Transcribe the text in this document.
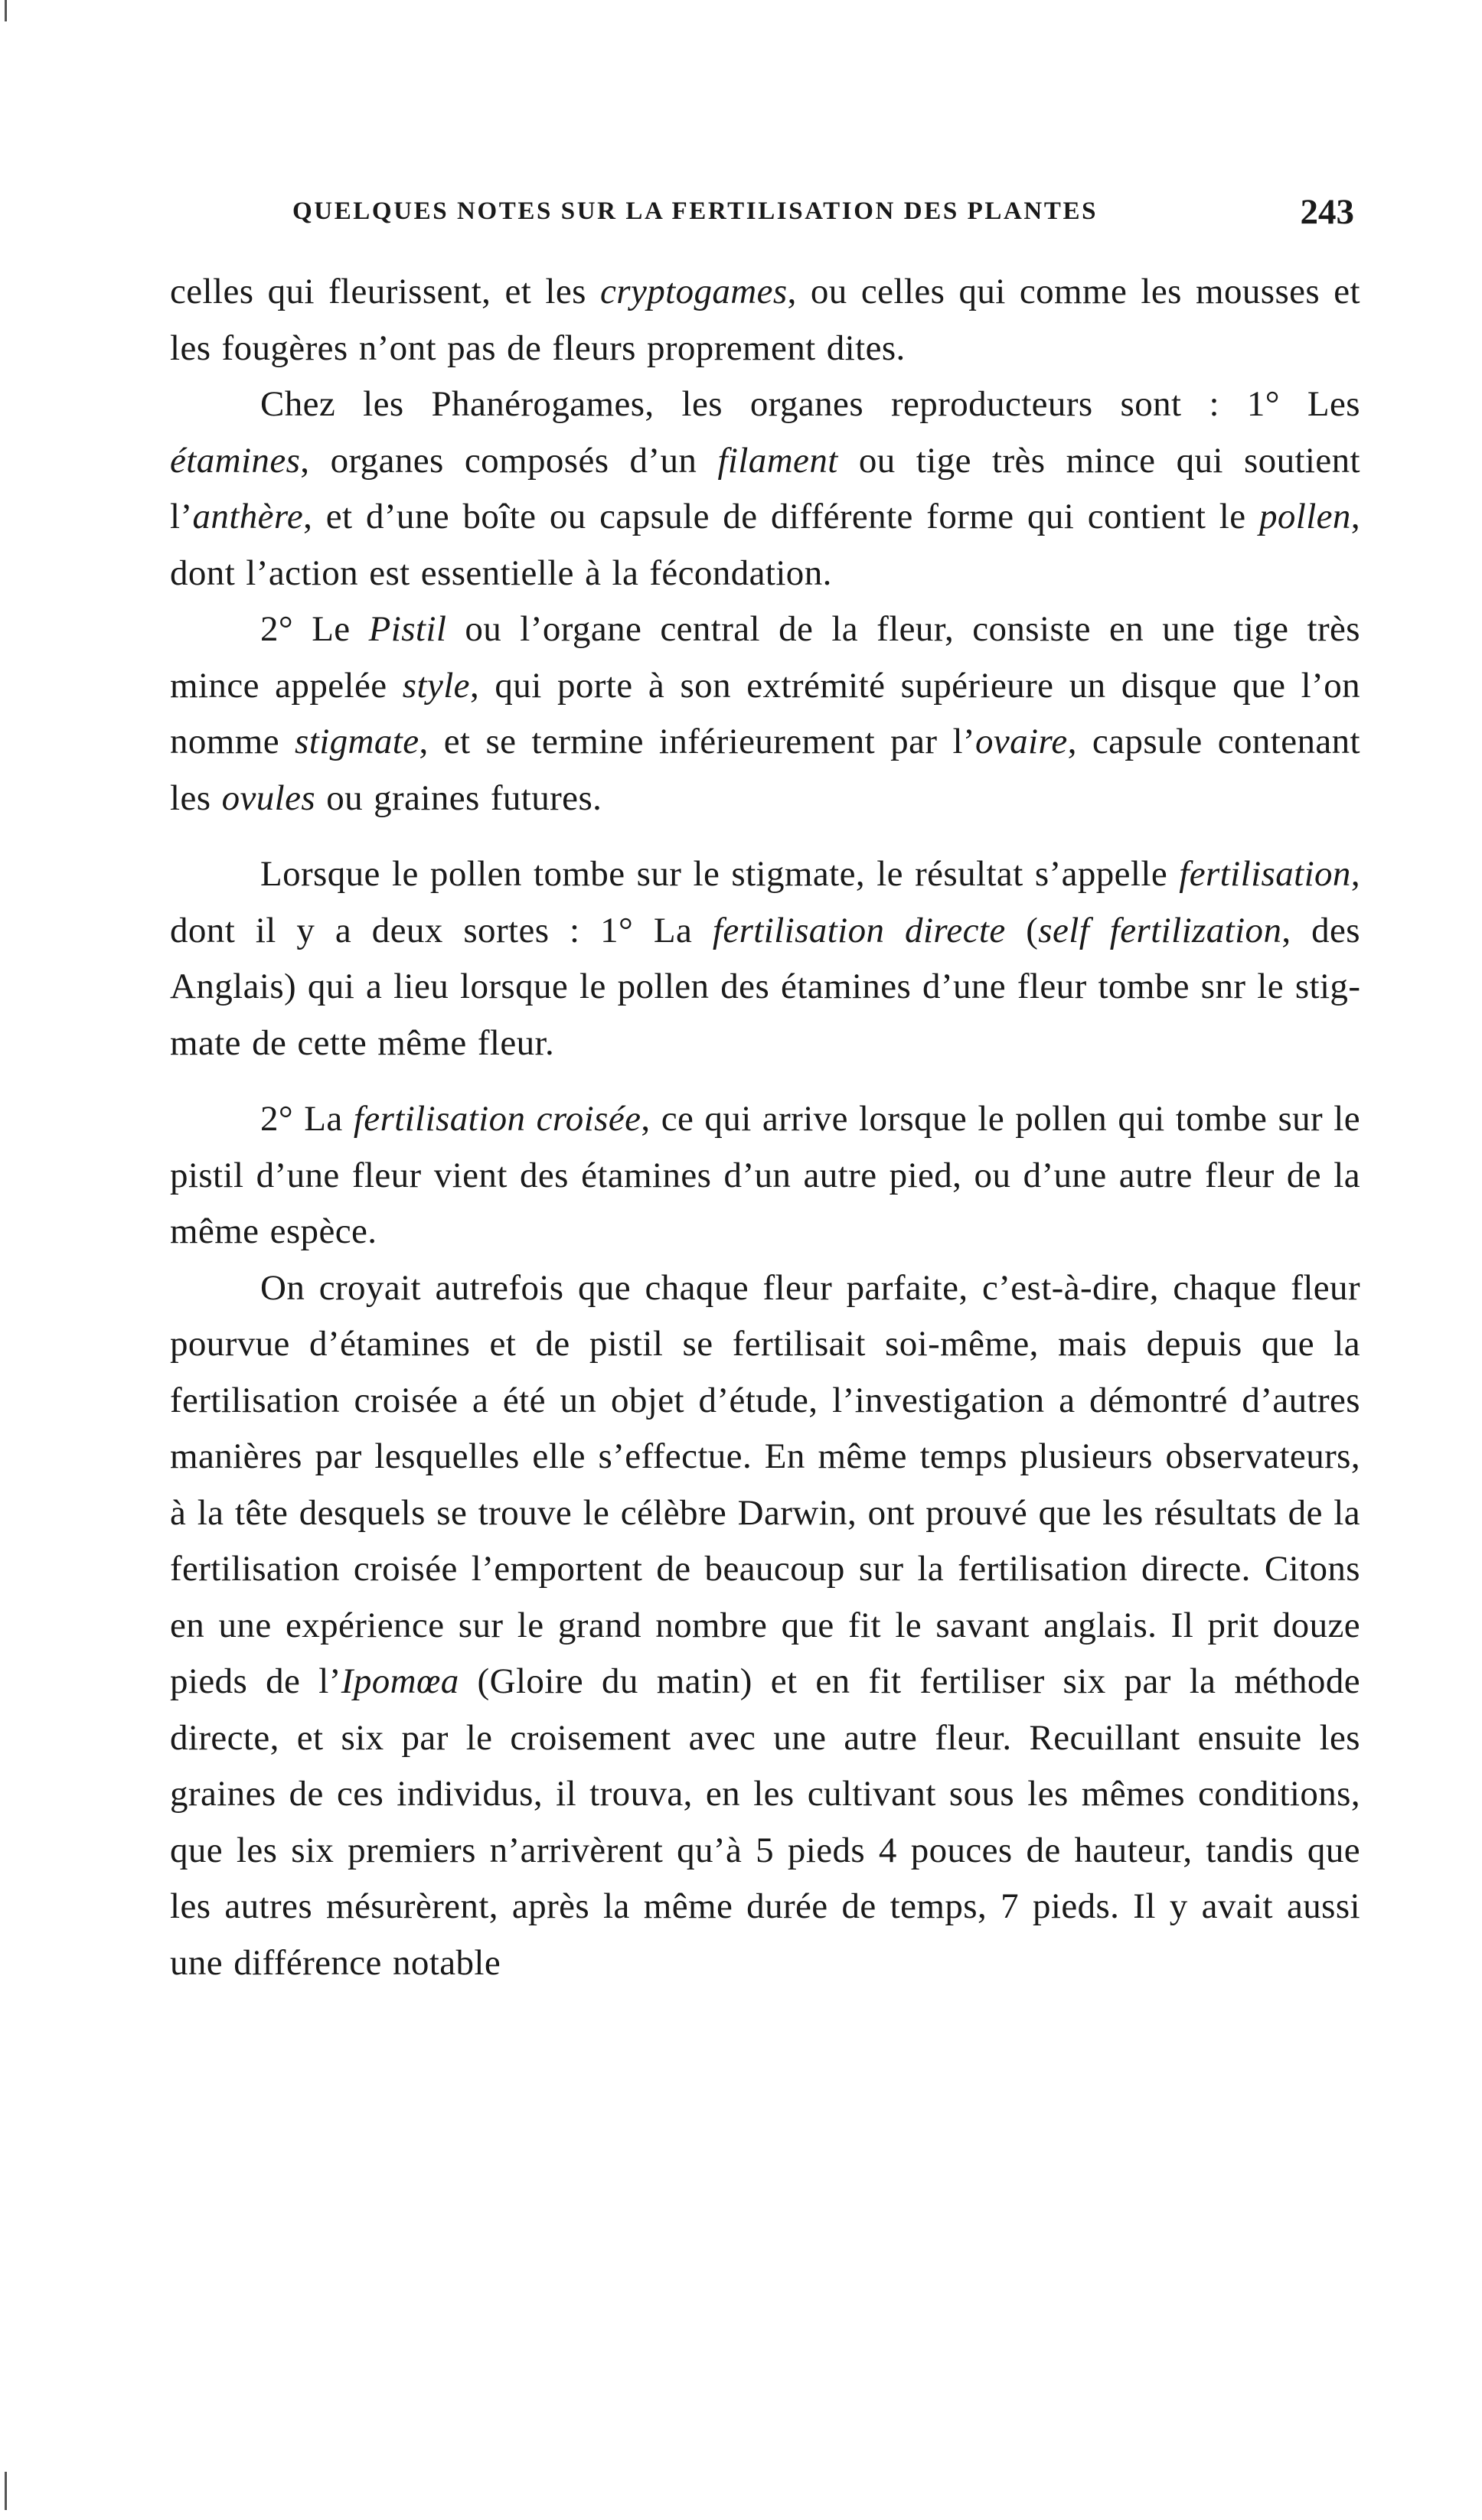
QUELQUES NOTES SUR LA FERTILISATION DES PLANTES	243

celles qui fleurissent, et les cryptogames, ou celles qui comme les mousses et les fougères n’ont pas de fleurs proprement dites.

Chez les Phanérogames, les organes reproducteurs sont : 1° Les étamines, organes composés d’un filament ou tige très mince qui soutient l’anthère, et d’une boîte ou capsule de différente forme qui contient le pollen, dont l’action est essentielle à la fécondation.

2° Le Pistil ou l’organe central de la fleur, consiste en une tige très mince appelée style, qui porte à son extrémité supérieure un disque que l’on nomme stigmate, et se termine inférieurement par l’ovaire, capsule contenant les ovules ou graines futures.

Lorsque le pollen tombe sur le stigmate, le résultat s’appelle fertilisation, dont il y a deux sortes : 1° La fertilisation directe (self fertilization, des Anglais) qui a lieu lorsque le pollen des étamines d’une fleur tombe snr le stigmate de cette même fleur.

2° La fertilisation croisée, ce qui arrive lorsque le pollen qui tombe sur le pistil d’une fleur vient des étamines d’un autre pied, ou d’une autre fleur de la même espèce.

On croyait autrefois que chaque fleur parfaite, c’est-à-dire, chaque fleur pourvue d’étamines et de pistil se fertilisait soi-même, mais depuis que la fertilisation croisée a été un objet d’étude, l’investigation a démontré d’autres manières par lesquelles elle s’effectue. En même temps plusieurs observateurs, à la tête desquels se trouve le célèbre Darwin, ont prouvé que les résultats de la fertilisation croisée l’emportent de beaucoup sur la fertilisation directe. Citons en une expérience sur le grand nombre que fit le savant anglais. Il prit douze pieds de l’Ipomœa (Gloire du matin) et en fit fertiliser six par la méthode directe, et six par le croisement avec une autre fleur. Recuillant ensuite les graines de ces individus, il trouva, en les cultivant sous les mêmes conditions, que les six premiers n’arrivèrent qu’à 5 pieds 4 pouces de hauteur, tandis que les autres mésurèrent, après la même durée de temps, 7 pieds. Il y avait aussi une différence notable
